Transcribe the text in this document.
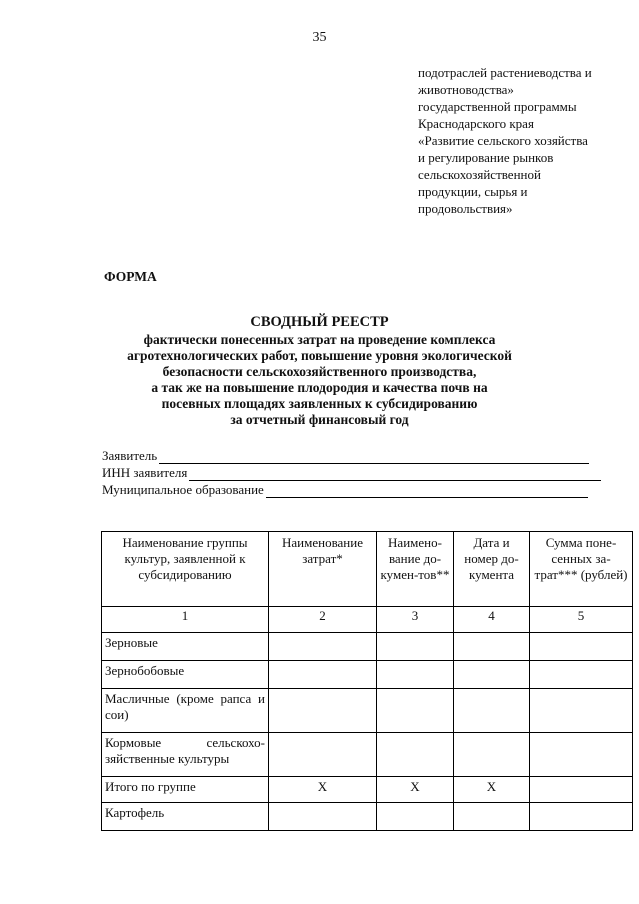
35
подотраслей растениеводства и
животноводства»
государственной программы
Краснодарского края
«Развитие сельского хозяйства
и регулирование рынков
сельскохозяйственной
продукции, сырья и
продовольствия»
ФОРМА
СВОДНЫЙ РЕЕСТР
фактически понесенных затрат на проведение комплекса
агротехнологических работ, повышение уровня экологической
безопасности сельскохозяйственного производства,
а так же на повышение плодородия и качества почв на
посевных площадях заявленных к субсидированию
за отчетный финансовый год
Заявитель
ИНН заявителя
Муниципальное образование
Наименование группы культур, заявленной к субсидированию	Наименование затрат*	Наимено-вание до-кумен-тов**	Дата и номер до-кумента	Сумма поне-сенных за-трат*** (рублей)
1	2	3	4	5
Зерновые				
Зернобобовые				
Масличные (кроме рапса и сои)				
Кормовые сельскохо-зяйственные культуры				
Итого по группе	Х	Х	Х	
Картофель				
